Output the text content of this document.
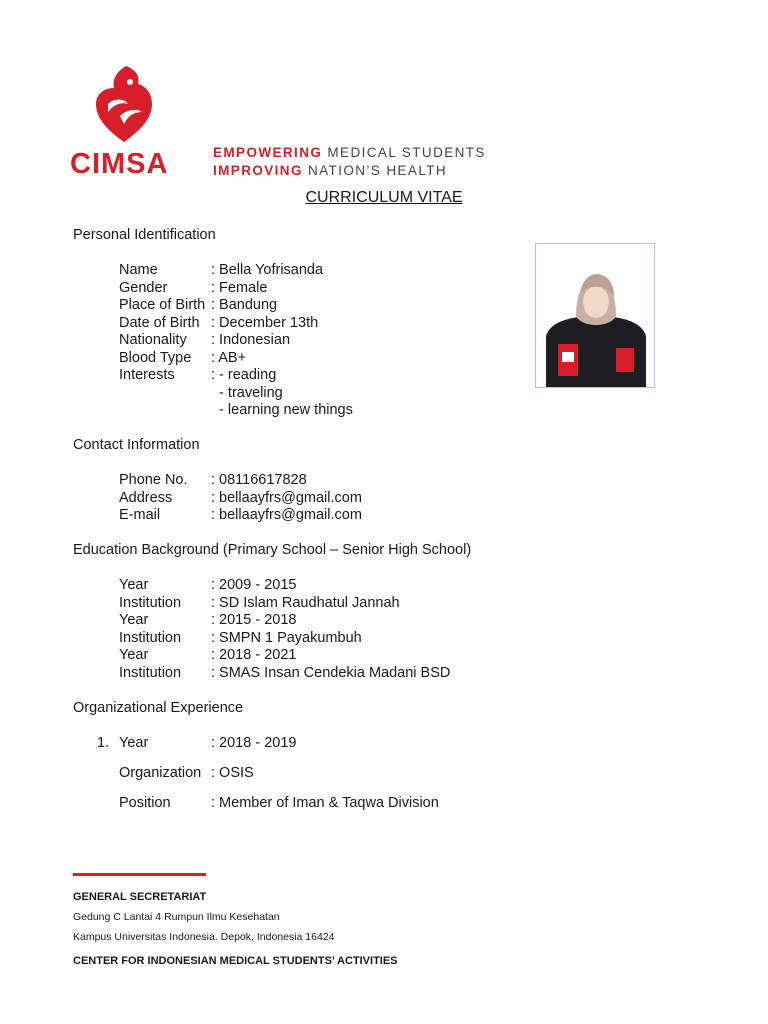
CIMSA	EMPOWERING MEDICAL STUDENTS
IMPROVING NATION’S HEALTH
CURRICULUM VITAE
Personal Identification
Name	: Bella Yofrisanda
Gender	: Female
Place of Birth : Bandung
Date of Birth : December 13th
Nationality : Indonesian
Blood Type : AB+
Interests	: - reading
- traveling
- learning new things
Contact Information
Phone No. : 08116617828
Address	: bellaayfrs@gmail.com
E-mail	: bellaayfrs@gmail.com
Education Background (Primary School – Senior High School)
Year	: 2009 - 2015
Institution : SD Islam Raudhatul Jannah
Year	: 2015 - 2018
Institution : SMPN 1 Payakumbuh
Year	: 2018 - 2021
Institution : SMAS Insan Cendekia Madani BSD
Organizational Experience
1. Year	: 2018 - 2019
Organization : OSIS
Position	: Member of Iman & Taqwa Division
GENERAL SECRETARIAT
Gedung C Lantai 4 Rumpun Ilmu Kesehatan
Kampus Universitas Indonesia. Depok, Indonesia 16424
CENTER FOR INDONESIAN MEDICAL STUDENTS’ ACTIVITIES
